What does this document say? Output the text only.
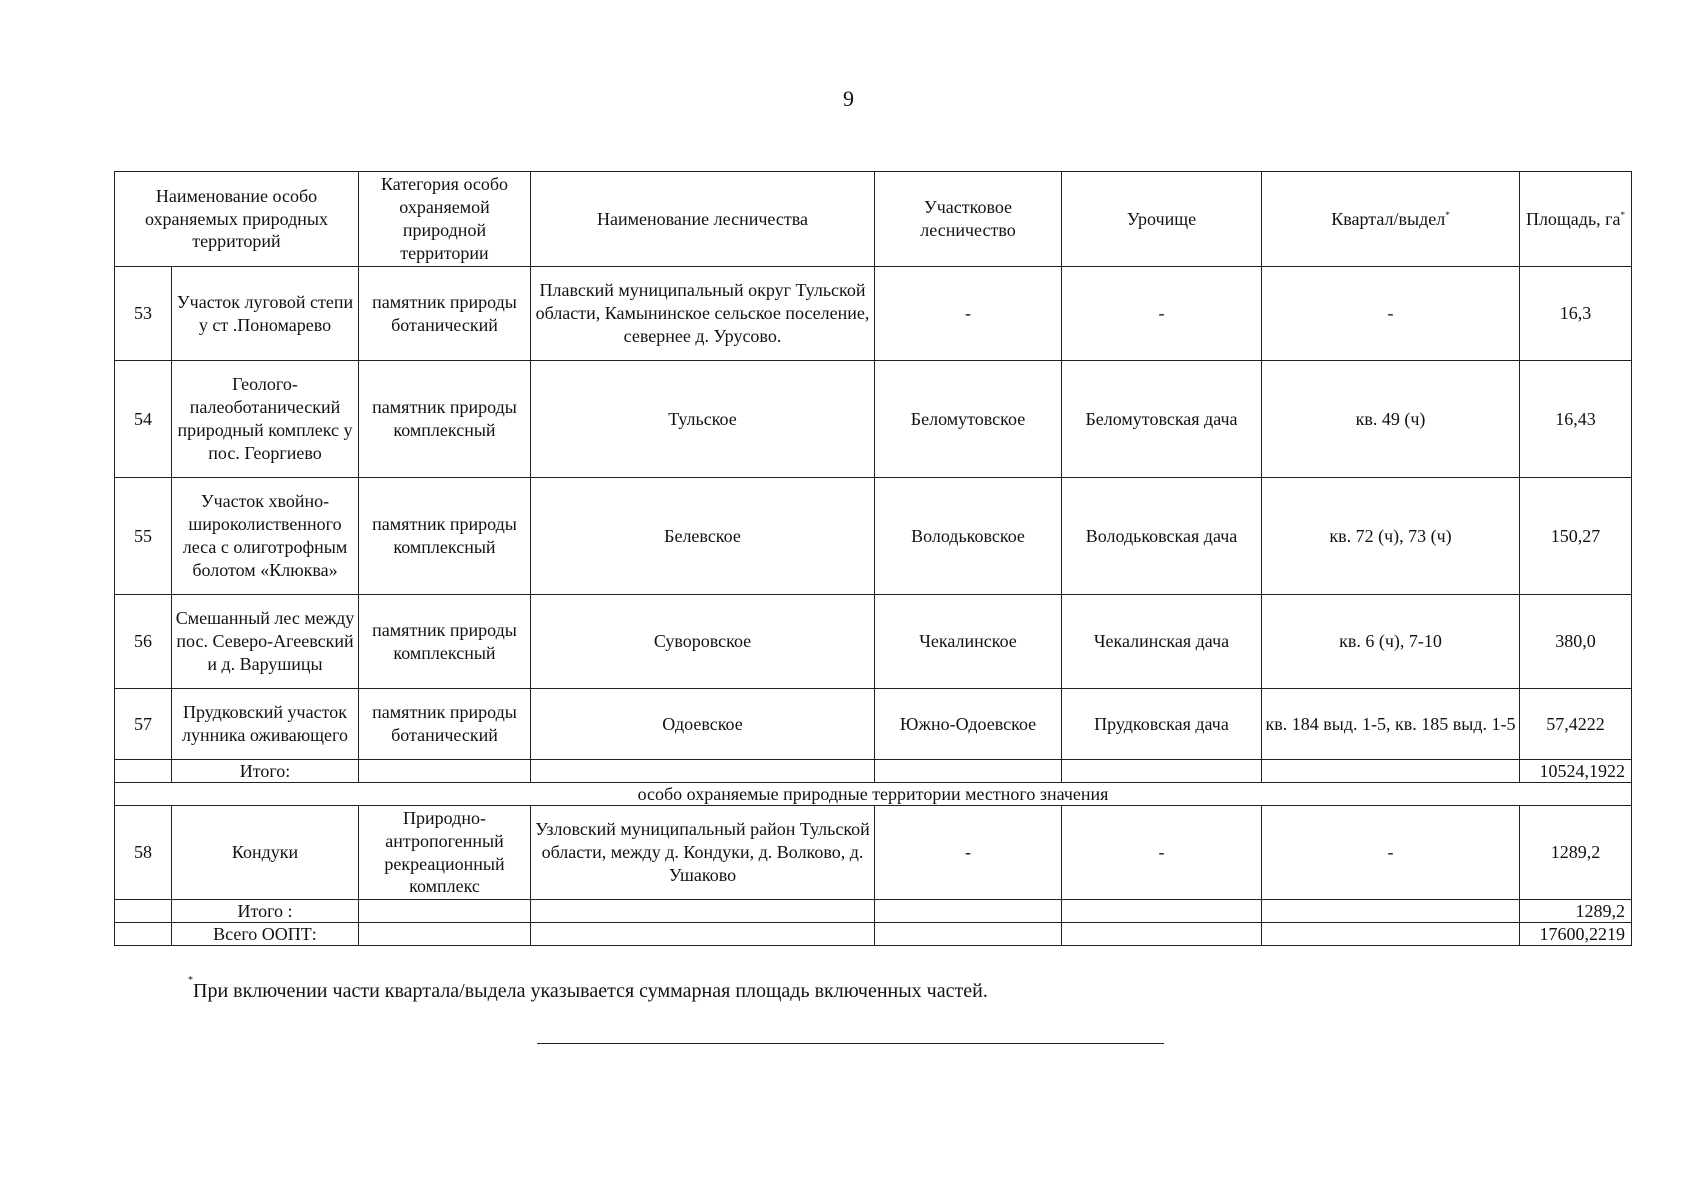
9
Наименование особо охраняемых природных территорий		Категория особо охраняемой природной территории	Наименование лесничества	Участковое лесничество	Урочище	Квартал/выдел*	Площадь, га*
53	Участок луговой степи у ст .Пономарево	памятник природы ботанический	Плавский муниципальный округ Тульской области, Камынинское сельское поселение, севернее д. Урусово.	-	-	-	16,3
54	Геолого-палеоботанический природный комплекс у пос. Георгиево	памятник природы комплексный	Тульское	Беломутовское	Беломутовская дача	кв. 49 (ч)	16,43
55	Участок хвойно-широколиственного леса с олиготрофным болотом «Клюква»	памятник природы комплексный	Белевское	Володьковское	Володьковская дача	кв. 72 (ч), 73 (ч)	150,27
56	Смешанный лес между пос. Северо-Агеевский и д. Варушицы	памятник природы комплексный	Суворовское	Чекалинское	Чекалинская дача	кв. 6 (ч), 7-10	380,0
57	Прудковский участок лунника оживающего	памятник природы ботанический	Одоевское	Южно-Одоевское	Прудковская дача	кв. 184 выд. 1-5, кв. 185 выд. 1-5	57,4222
	Итого:						10524,1922
особо охраняемые природные территории местного значения							
58	Кондуки	Природно-антропогенный рекреационный комплекс	Узловский муниципальный район Тульской области, между д. Кондуки, д. Волково, д. Ушаково	-	-	-	1289,2
	Итого :						1289,2
	Всего ООПТ:						17600,2219
*При включении части квартала/выдела указывается суммарная площадь включенных частей.
